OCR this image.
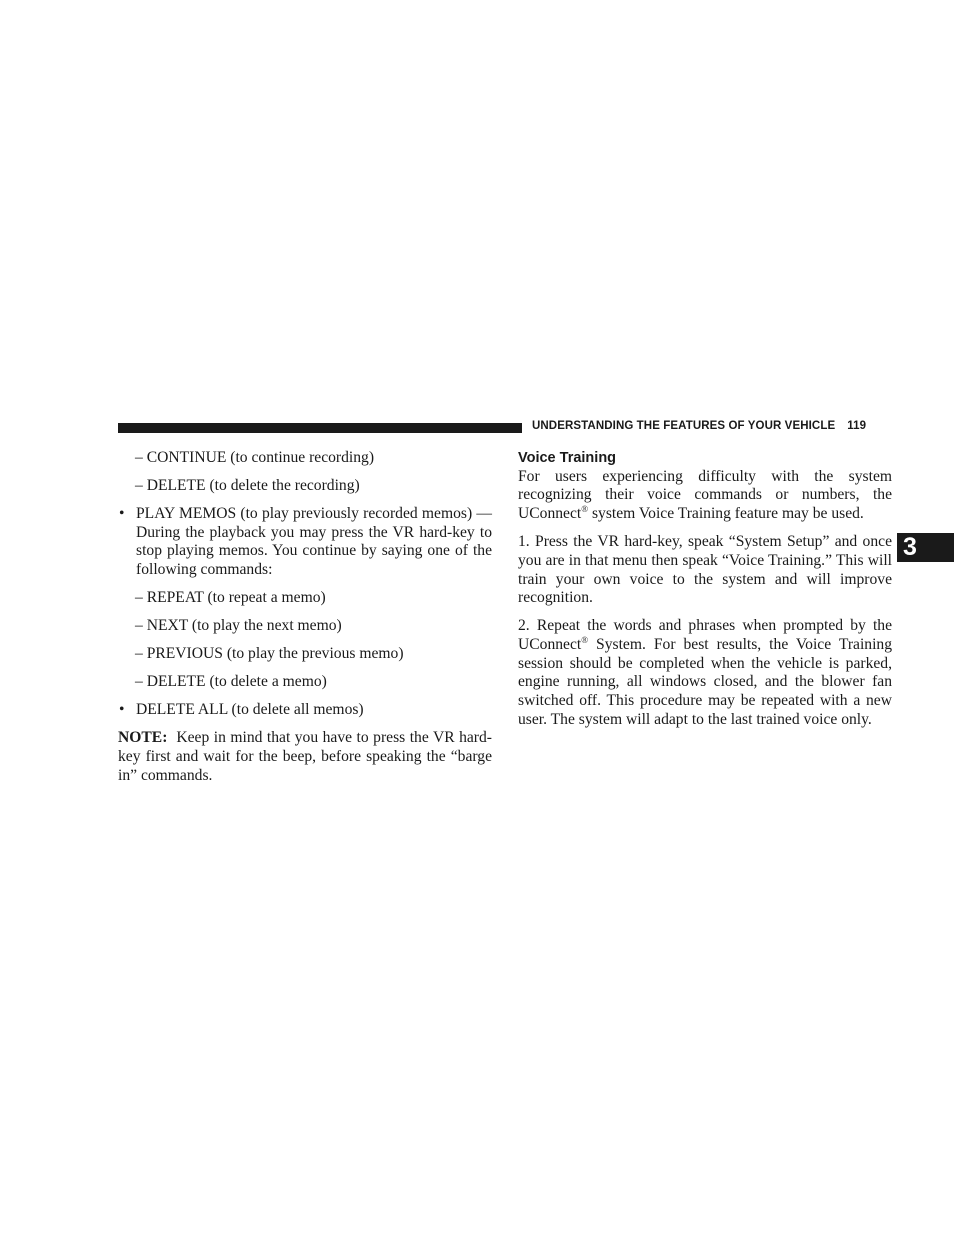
UNDERSTANDING THE FEATURES OF YOUR VEHICLE 119
3
– CONTINUE (to continue recording)
– DELETE (to delete the recording)
• PLAY MEMOS (to play previously recorded memos) — During the playback you may press the VR hard-key to stop playing memos. You continue by saying one of the following commands:
– REPEAT (to repeat a memo)
– NEXT (to play the next memo)
– PREVIOUS (to play the previous memo)
– DELETE (to delete a memo)
• DELETE ALL (to delete all memos)
NOTE: Keep in mind that you have to press the VR hard-key first and wait for the beep, before speaking the “barge in” commands.
Voice Training
For users experiencing difficulty with the system recognizing their voice commands or numbers, the UConnect® system Voice Training feature may be used.
1. Press the VR hard-key, speak “System Setup” and once you are in that menu then speak “Voice Training.” This will train your own voice to the system and will improve recognition.
2. Repeat the words and phrases when prompted by the UConnect® System. For best results, the Voice Training session should be completed when the vehicle is parked, engine running, all windows closed, and the blower fan switched off. This procedure may be repeated with a new user. The system will adapt to the last trained voice only.
